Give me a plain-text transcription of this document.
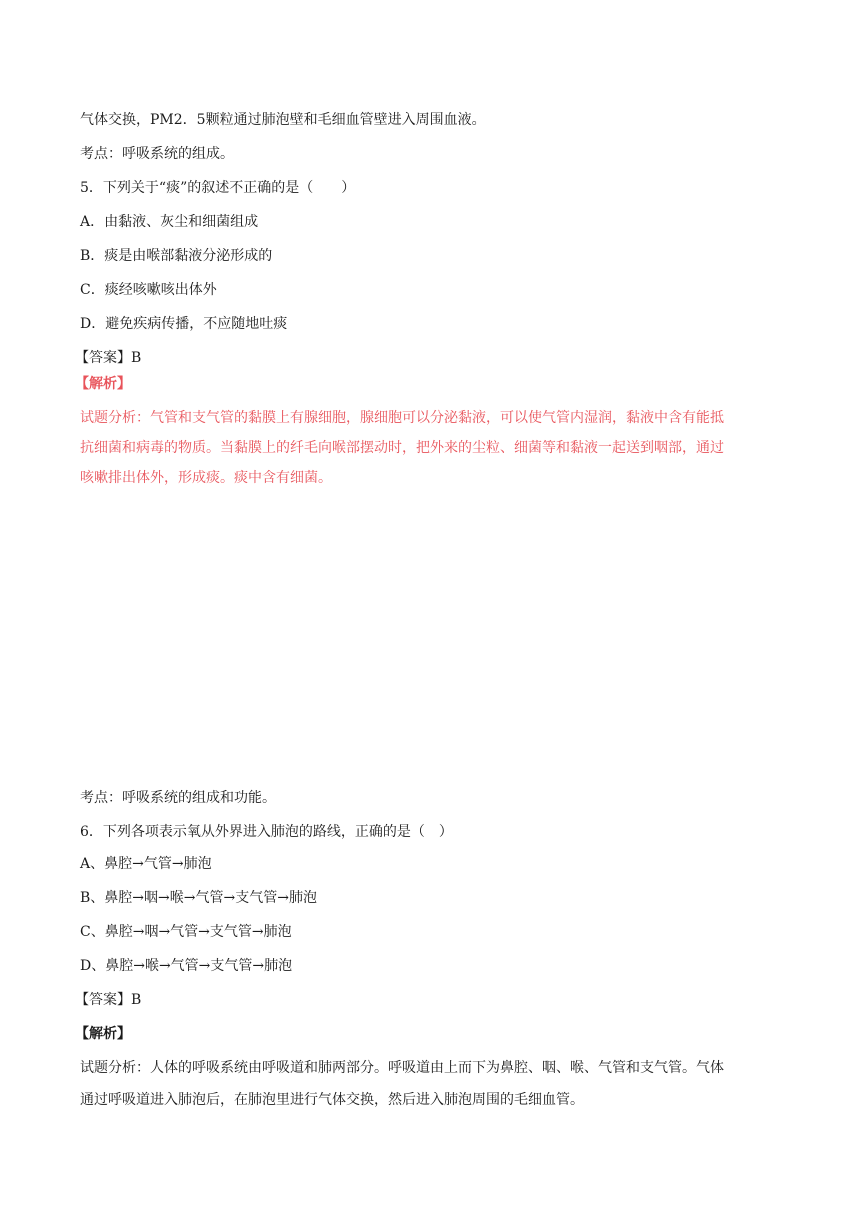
气体交换，PM2．5颗粒通过肺泡壁和毛细血管壁进入周围血液。
考点：呼吸系统的组成。
5．下列关于“痰”的叙述不正确的是（　　）
A．由黏液、灰尘和细菌组成
B．痰是由喉部黏液分泌形成的
C．痰经咳嗽咳出体外
D．避免疾病传播，不应随地吐痰
【答案】B
【解析】
试题分析：气管和支气管的黏膜上有腺细胞，腺细胞可以分泌黏液，可以使气管内湿润，黏液中含有能抵
抗细菌和病毒的物质。当黏膜上的纤毛向喉部摆动时，把外来的尘粒、细菌等和黏液一起送到咽部，通过
咳嗽排出体外，形成痰。痰中含有细菌。
考点：呼吸系统的组成和功能。
6．下列各项表示氧从外界进入肺泡的路线，正确的是（　）
A、鼻腔→气管→肺泡
B、鼻腔→咽→喉→气管→支气管→肺泡
C、鼻腔→咽→气管→支气管→肺泡
D、鼻腔→喉→气管→支气管→肺泡
【答案】B
【解析】
试题分析：人体的呼吸系统由呼吸道和肺两部分。呼吸道由上而下为鼻腔、咽、喉、气管和支气管。气体
通过呼吸道进入肺泡后，在肺泡里进行气体交换，然后进入肺泡周围的毛细血管。
